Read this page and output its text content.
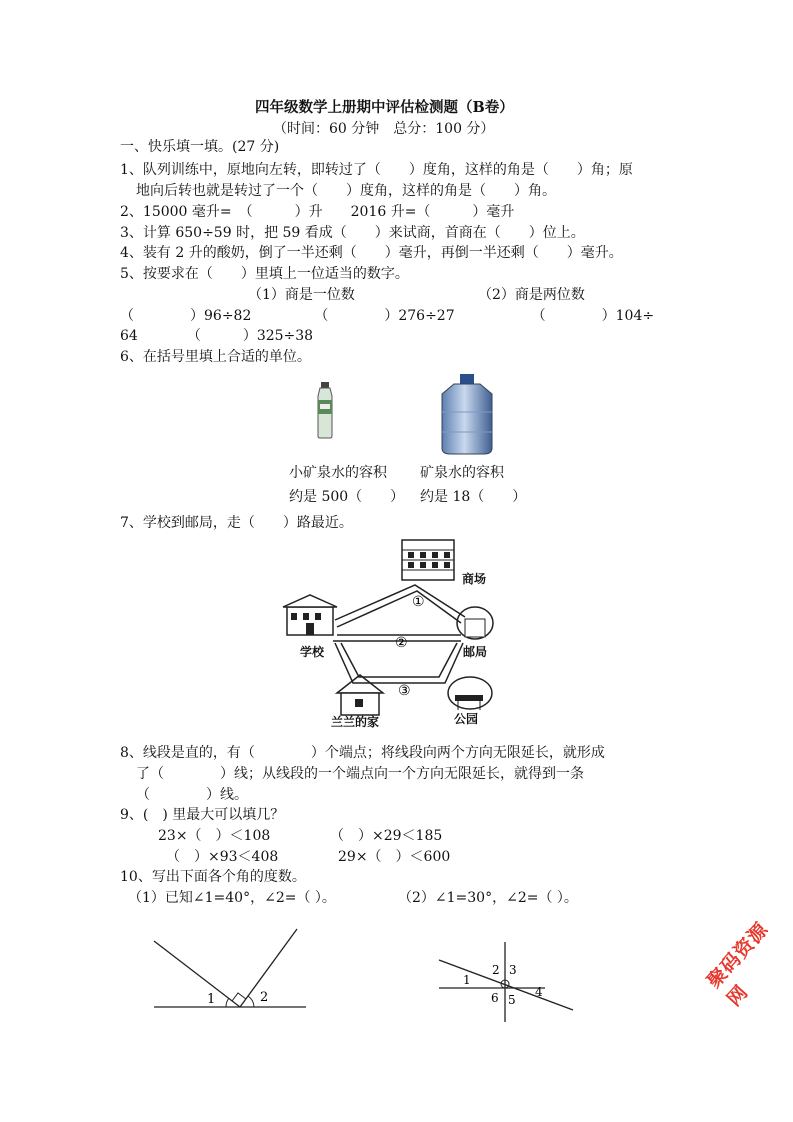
四年级数学上册期中评估检测题（B卷）
（时间：60 分钟　总分：100 分）
一、快乐填一填。(27 分)
1、队列训练中，原地向左转，即转过了（　　）度角，这样的角是（　　）角；原
地向后转也就是转过了一个（　　）度角，这样的角是（　　）角。
2、15000 毫升=　（　　　）升　　2016 升=（　　　）毫升
3、计算 650÷59 时，把 59 看成（　　）来试商，首商在（　　）位上。
4、装有 2 升的酸奶，倒了一半还剩（　　）毫升，再倒一半还剩（　　）毫升。
5、按要求在（　　）里填上一位适当的数字。
（1）商是一位数	（2）商是两位数
（　　　　）96÷82　　　　　（　　　　）276÷27　　　　　　（　　　　）104÷
64　　　　（　　　）325÷38
6、在括号里填上合适的单位。
小矿泉水的容积
约是 500（　　）
矿泉水的容积
约是 18（　　）
7、学校到邮局，走（　　）路最近。
①
②
③
商场
学校	邮局
兰兰的家	公园
8、线段是直的，有（　　　　）个端点；将线段向两个方向无限延长，就形成
了（　　　　）线；从线段的一个端点向一个方向无限延长，就得到一条
（　　　　）线。
9、(　) 里最大可以填几？
23×（　）＜108	（　）×29＜185
（　）×93＜408	29×（　）＜600
10、写出下面各个角的度数。
（1）已知∠1=40°，∠2=（ ）。	（2）∠1=30°，∠2=（ ）。
1	2
1
2 3
4
5
6
聚码资源网
